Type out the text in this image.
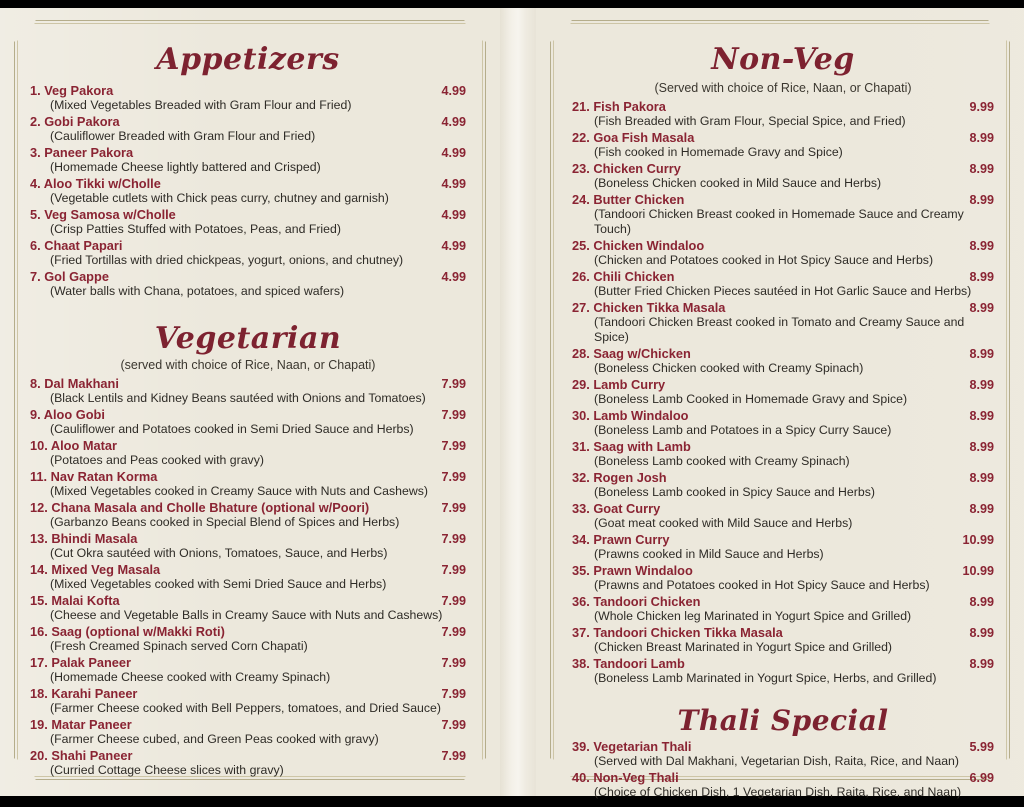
Appetizers
1. Veg Pakora	4.99
(Mixed Vegetables Breaded with Gram Flour and Fried)
2. Gobi Pakora	4.99
(Cauliflower Breaded with Gram Flour and Fried)
3. Paneer Pakora	4.99
(Homemade Cheese lightly battered and Crisped)
4. Aloo Tikki w/Cholle	4.99
(Vegetable cutlets with Chick peas curry, chutney and garnish)
5. Veg Samosa w/Cholle	4.99
(Crisp Patties Stuffed with Potatoes, Peas, and Fried)
6. Chaat Papari	4.99
(Fried Tortillas with dried chickpeas, yogurt, onions, and chutney)
7. Gol Gappe	4.99
(Water balls with Chana, potatoes, and spiced wafers)
Vegetarian
(served with choice of Rice, Naan, or Chapati)
8. Dal Makhani	7.99
(Black Lentils and Kidney Beans sautéed with Onions and Tomatoes)
9. Aloo Gobi	7.99
(Cauliflower and Potatoes cooked in Semi Dried Sauce and Herbs)
10. Aloo Matar	7.99
(Potatoes and Peas cooked with gravy)
11. Nav Ratan Korma	7.99
(Mixed Vegetables cooked in Creamy Sauce with Nuts and Cashews)
12. Chana Masala and Cholle Bhature (optional w/Poori)	7.99
(Garbanzo Beans cooked in Special Blend of Spices and Herbs)
13. Bhindi Masala	7.99
(Cut Okra sautéed with Onions, Tomatoes, Sauce, and Herbs)
14. Mixed Veg Masala	7.99
(Mixed Vegetables cooked with Semi Dried Sauce and Herbs)
15. Malai Kofta	7.99
(Cheese and Vegetable Balls in Creamy Sauce with Nuts and Cashews)
16. Saag (optional w/Makki Roti)	7.99
(Fresh Creamed Spinach served Corn Chapati)
17. Palak Paneer	7.99
(Homemade Cheese cooked with Creamy Spinach)
18. Karahi Paneer	7.99
(Farmer Cheese cooked with Bell Peppers, tomatoes, and Dried Sauce)
19. Matar Paneer	7.99
(Farmer Cheese cubed, and Green Peas cooked with gravy)
20. Shahi Paneer	7.99
(Curried Cottage Cheese slices with gravy)
Non-Veg
(Served with choice of Rice, Naan, or Chapati)
21. Fish Pakora	9.99
(Fish Breaded with Gram Flour, Special Spice, and Fried)
22. Goa Fish Masala	8.99
(Fish cooked in Homemade Gravy and Spice)
23. Chicken Curry	8.99
(Boneless Chicken cooked in Mild Sauce and Herbs)
24. Butter Chicken	8.99
(Tandoori Chicken Breast cooked in Homemade Sauce and Creamy Touch)
25. Chicken Windaloo	8.99
(Chicken and Potatoes cooked in Hot Spicy Sauce and Herbs)
26. Chili Chicken	8.99
(Butter Fried Chicken Pieces sautéed in Hot Garlic Sauce and Herbs)
27. Chicken Tikka Masala	8.99
(Tandoori Chicken Breast cooked in Tomato and Creamy Sauce and Spice)
28. Saag w/Chicken	8.99
(Boneless Chicken cooked with Creamy Spinach)
29. Lamb Curry	8.99
(Boneless Lamb Cooked in Homemade Gravy and Spice)
30. Lamb Windaloo	8.99
(Boneless Lamb and Potatoes in a Spicy Curry Sauce)
31. Saag with Lamb	8.99
(Boneless Lamb cooked with Creamy Spinach)
32. Rogen Josh	8.99
(Boneless Lamb cooked in Spicy Sauce and Herbs)
33. Goat Curry	8.99
(Goat meat cooked with Mild Sauce and Herbs)
34. Prawn Curry	10.99
(Prawns cooked in Mild Sauce and Herbs)
35. Prawn Windaloo	10.99
(Prawns and Potatoes cooked in Hot Spicy Sauce and Herbs)
36. Tandoori Chicken	8.99
(Whole Chicken leg Marinated in Yogurt Spice and Grilled)
37. Tandoori Chicken Tikka Masala	8.99
(Chicken Breast Marinated in Yogurt Spice and Grilled)
38. Tandoori Lamb	8.99
(Boneless Lamb Marinated in Yogurt Spice, Herbs, and Grilled)
Thali Special
39. Vegetarian Thali	5.99
(Served with Dal Makhani, Vegetarian Dish, Raita, Rice, and Naan)
40. Non-Veg Thali	6.99
(Choice of Chicken Dish, 1 Vegetarian Dish, Raita, Rice, and Naan)
